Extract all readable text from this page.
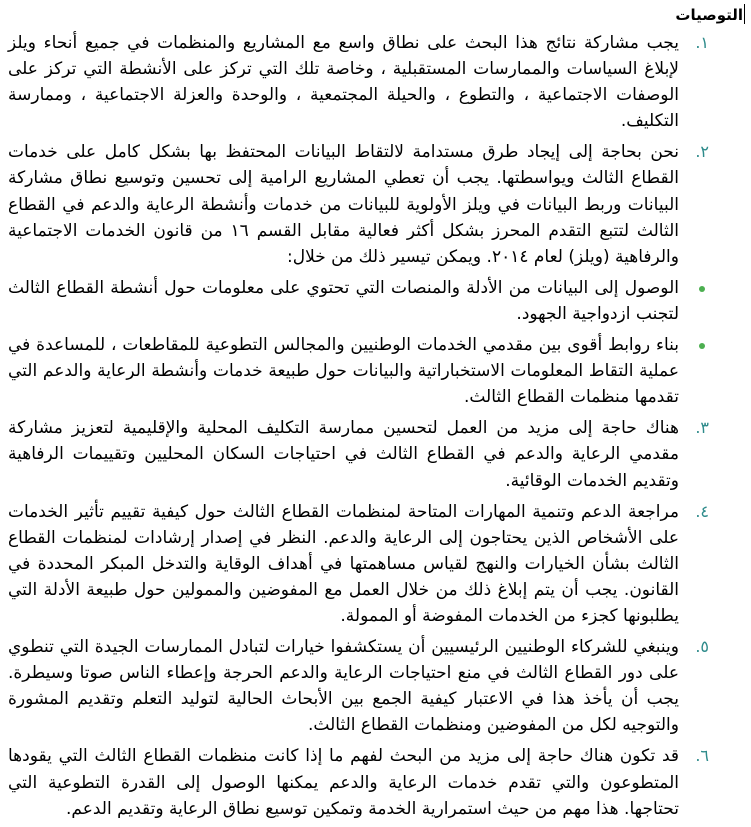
التوصيات
١.
يجب مشاركة نتائج هذا البحث على نطاق واسع مع المشاريع والمنظمات في جميع أنحاء ويلز لإبلاغ السياسات والممارسات المستقبلية ، وخاصة تلك التي تركز على الأنشطة التي تركز على الوصفات الاجتماعية ، والتطوع ، والحيلة المجتمعية ، والوحدة والعزلة الاجتماعية ، وممارسة التكليف.
٢.
نحن بحاجة إلى إيجاد طرق مستدامة لالتقاط البيانات المحتفظ بها بشكل كامل على خدمات القطاع الثالث ويواسطتها. يجب أن تعطي المشاريع الرامية إلى تحسين وتوسيع نطاق مشاركة البيانات وربط البيانات في ويلز الأولوية للبيانات من خدمات وأنشطة الرعاية والدعم في القطاع الثالث لتتبع التقدم المحرز بشكل أكثر فعالية مقابل القسم ١٦ من قانون الخدمات الاجتماعية والرفاهية (ويلز) لعام ٢٠١٤. ويمكن تيسير ذلك من خلال:
الوصول إلى البيانات من الأدلة والمنصات التي تحتوي على معلومات حول أنشطة القطاع الثالث لتجنب ازدواجية الجهود.
بناء روابط أقوى بين مقدمي الخدمات الوطنيين والمجالس التطوعية للمقاطعات ، للمساعدة في عملية التقاط المعلومات الاستخباراتية والبيانات حول طبيعة خدمات وأنشطة الرعاية والدعم التي تقدمها منظمات القطاع الثالث.
٣.
هناك حاجة إلى مزيد من العمل لتحسين ممارسة التكليف المحلية والإقليمية لتعزيز مشاركة مقدمي الرعاية والدعم في القطاع الثالث في احتياجات السكان المحليين وتقييمات الرفاهية وتقديم الخدمات الوقائية.
٤.
مراجعة الدعم وتنمية المهارات المتاحة لمنظمات القطاع الثالث حول كيفية تقييم تأثير الخدمات على الأشخاص الذين يحتاجون إلى الرعاية والدعم. النظر في إصدار إرشادات لمنظمات القطاع الثالث بشأن الخيارات والنهج لقياس مساهمتها في أهداف الوقاية والتدخل المبكر المحددة في القانون. يجب أن يتم إبلاغ ذلك من خلال العمل مع المفوضين والممولين حول طبيعة الأدلة التي يطلبونها كجزء من الخدمات المفوضة أو الممولة.
٥.
وينبغي للشركاء الوطنيين الرئيسيين أن يستكشفوا خيارات لتبادل الممارسات الجيدة التي تنطوي على دور القطاع الثالث في منع احتياجات الرعاية والدعم الحرجة وإعطاء الناس صوتا وسيطرة. يجب أن يأخذ هذا في الاعتبار كيفية الجمع بين الأبحاث الحالية لتوليد التعلم وتقديم المشورة والتوجيه لكل من المفوضين ومنظمات القطاع الثالث.
٦.
قد تكون هناك حاجة إلى مزيد من البحث لفهم ما إذا كانت منظمات القطاع الثالث التي يقودها المتطوعون والتي تقدم خدمات الرعاية والدعم يمكنها الوصول إلى القدرة التطوعية التي تحتاجها. هذا مهم من حيث استمرارية الخدمة وتمكين توسيع نطاق الرعاية وتقديم الدعم.
